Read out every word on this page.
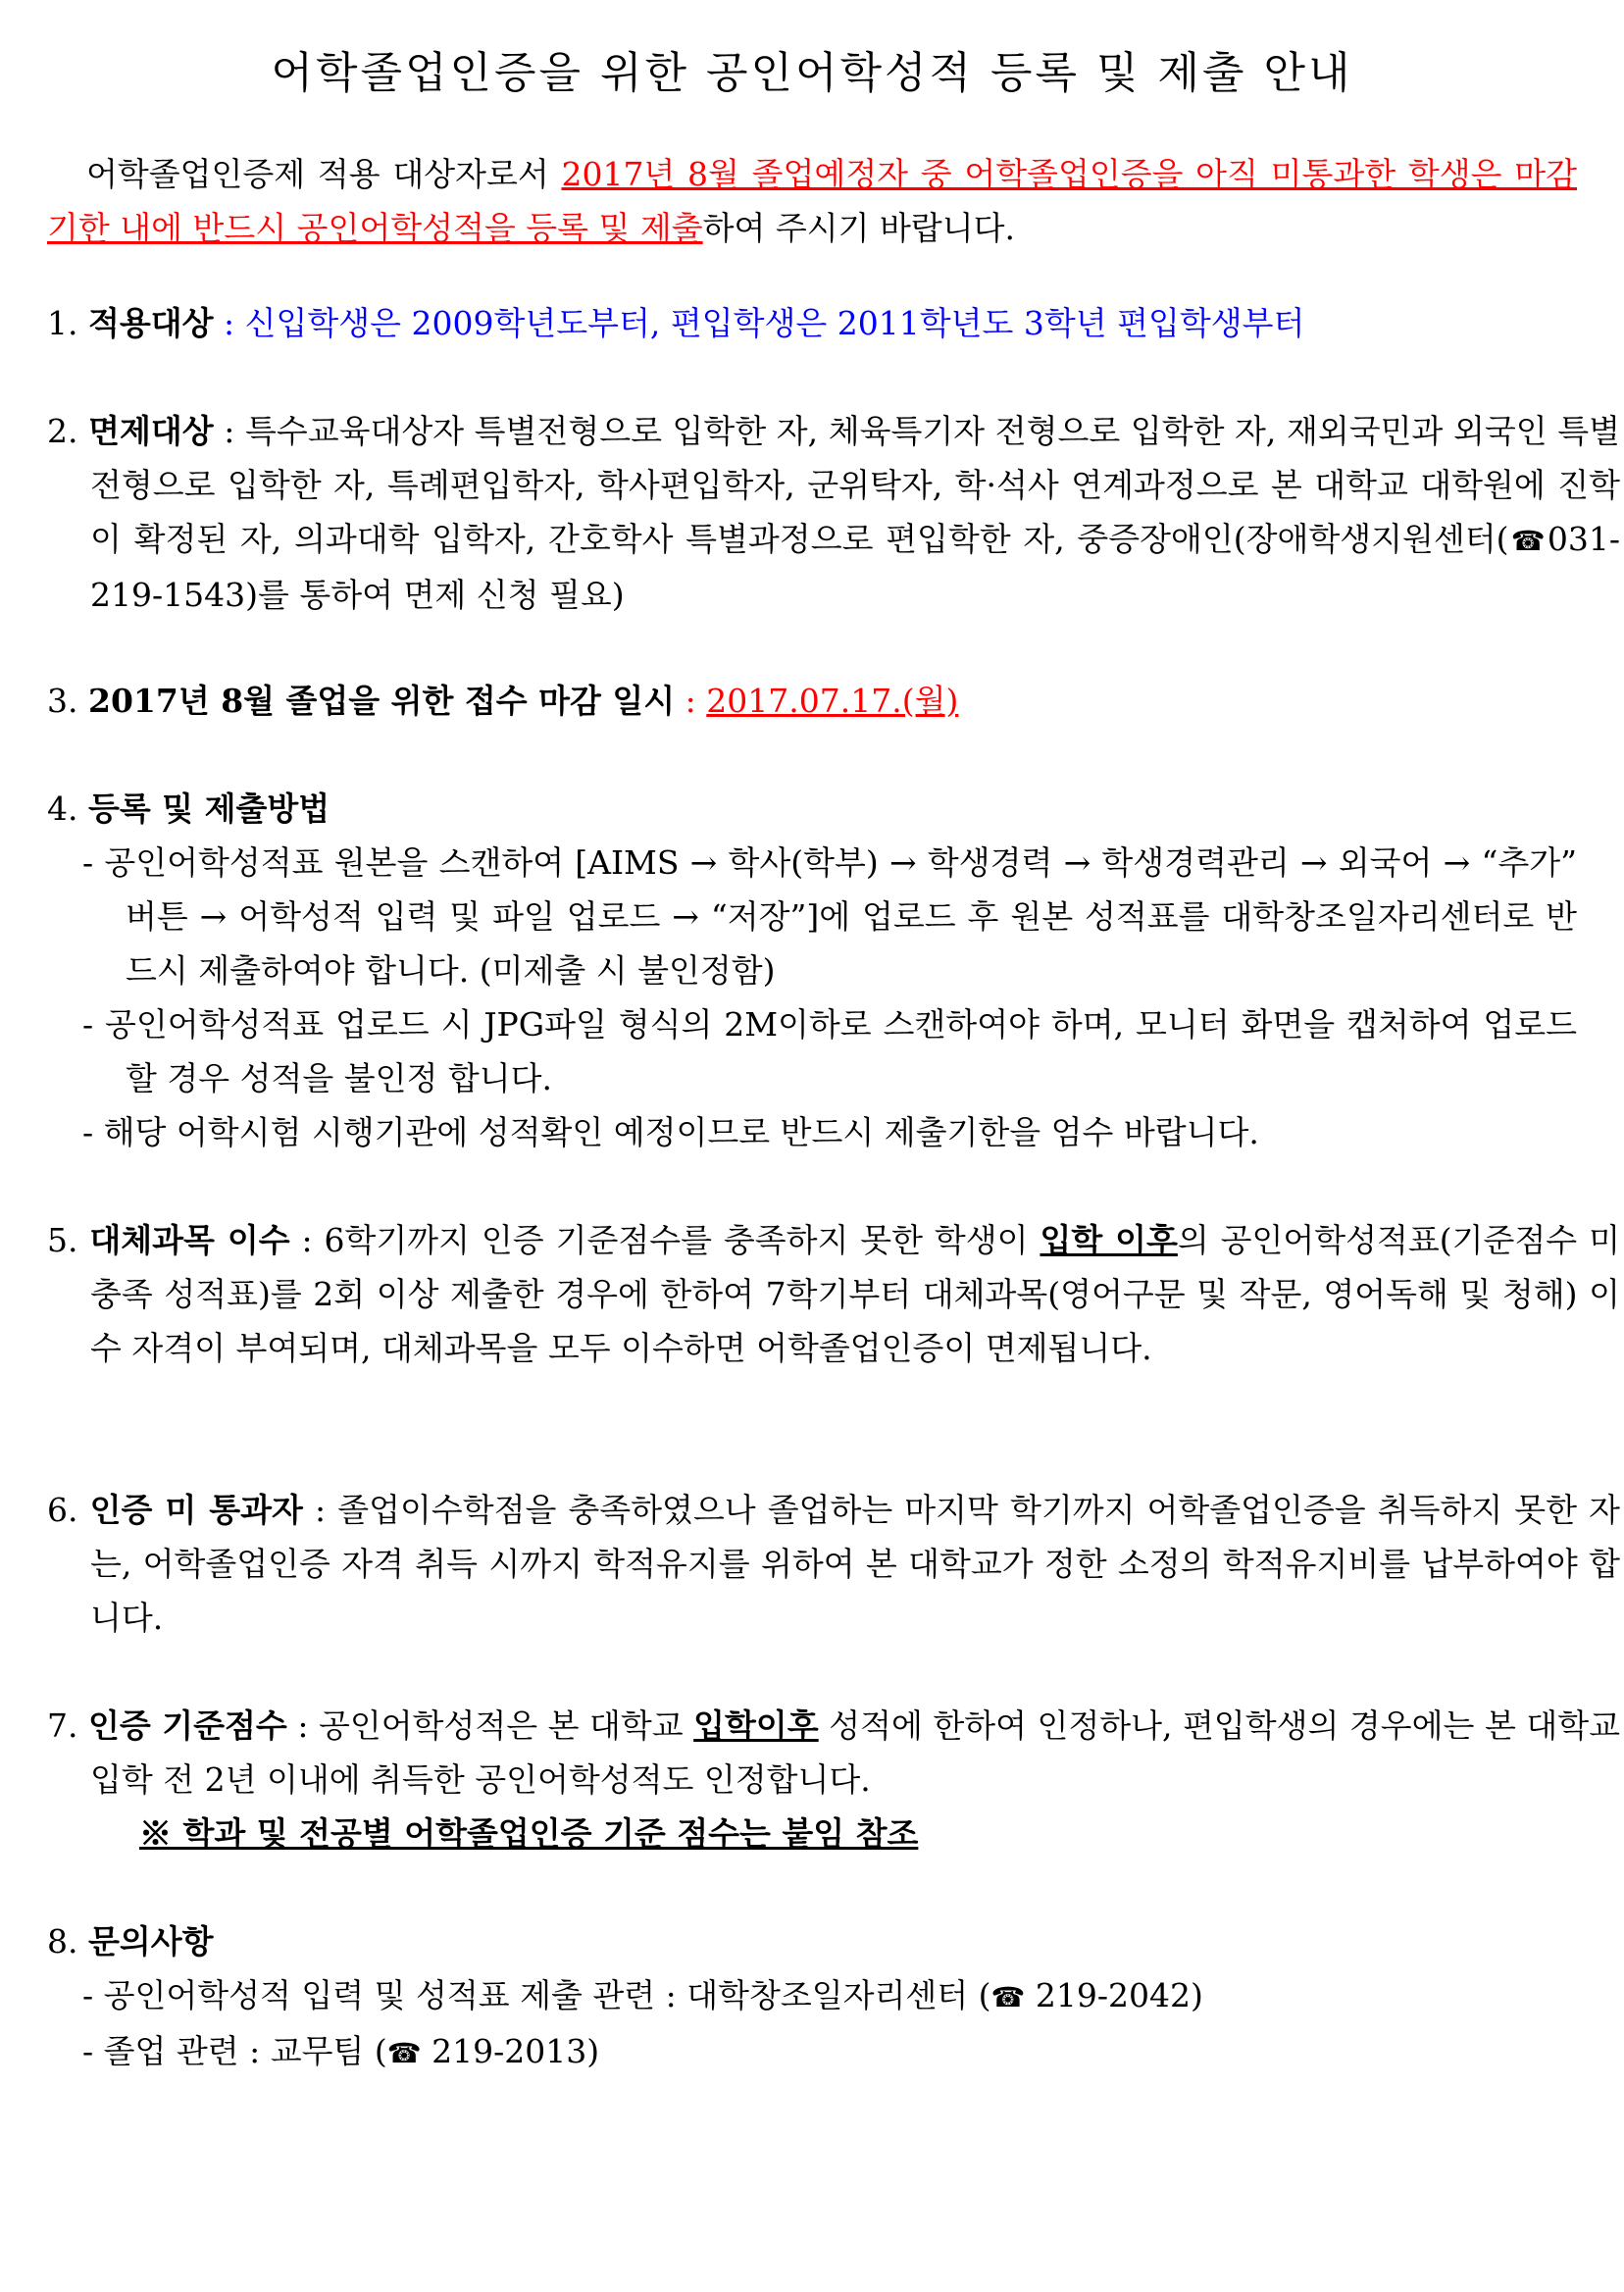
어학졸업인증을 위한 공인어학성적 등록 및 제출 안내
어학졸업인증제 적용 대상자로서 2017년 8월 졸업예정자 중 어학졸업인증을 아직 미통과한 학생은 마감 기한 내에 반드시 공인어학성적을 등록 및 제출하여 주시기 바랍니다.
1. 적용대상 : 신입학생은 2009학년도부터, 편입학생은 2011학년도 3학년 편입학생부터
2. 면제대상 : 특수교육대상자 특별전형으로 입학한 자, 체육특기자 전형으로 입학한 자, 재외국민과 외국인 특별전형으로 입학한 자, 특례편입학자, 학사편입학자, 군위탁자, 학·석사 연계과정으로 본 대학교 대학원에 진학이 확정된 자, 의과대학 입학자, 간호학사 특별과정으로 편입학한 자, 중증장애인(장애학생지원센터(☎031-219-1543)를 통하여 면제 신청 필요)
3. 2017년 8월 졸업을 위한 접수 마감 일시 : 2017.07.17.(월)
4. 등록 및 제출방법
- 공인어학성적표 원본을 스캔하여 [AIMS → 학사(학부) → 학생경력 → 학생경력관리 → 외국어 → “추가” 버튼 → 어학성적 입력 및 파일 업로드 → “저장”]에 업로드 후 원본 성적표를 대학창조일자리센터로 반드시 제출하여야 합니다. (미제출 시 불인정함)
- 공인어학성적표 업로드 시 JPG파일 형식의 2M이하로 스캔하여야 하며, 모니터 화면을 캡처하여 업로드 할 경우 성적을 불인정 합니다.
- 해당 어학시험 시행기관에 성적확인 예정이므로 반드시 제출기한을 엄수 바랍니다.
5. 대체과목 이수 : 6학기까지 인증 기준점수를 충족하지 못한 학생이 입학 이후의 공인어학성적표(기준점수 미충족 성적표)를 2회 이상 제출한 경우에 한하여 7학기부터 대체과목(영어구문 및 작문, 영어독해 및 청해) 이수 자격이 부여되며, 대체과목을 모두 이수하면 어학졸업인증이 면제됩니다.
6. 인증 미 통과자 : 졸업이수학점을 충족하였으나 졸업하는 마지막 학기까지 어학졸업인증을 취득하지 못한 자는, 어학졸업인증 자격 취득 시까지 학적유지를 위하여 본 대학교가 정한 소정의 학적유지비를 납부하여야 합니다.
7. 인증 기준점수 : 공인어학성적은 본 대학교 입학이후 성적에 한하여 인정하나, 편입학생의 경우에는 본 대학교 입학 전 2년 이내에 취득한 공인어학성적도 인정합니다.
※ 학과 및 전공별 어학졸업인증 기준 점수는 붙임 참조
8. 문의사항
- 공인어학성적 입력 및 성적표 제출 관련 : 대학창조일자리센터 (☎ 219-2042)
- 졸업 관련 : 교무팀 (☎ 219-2013)
